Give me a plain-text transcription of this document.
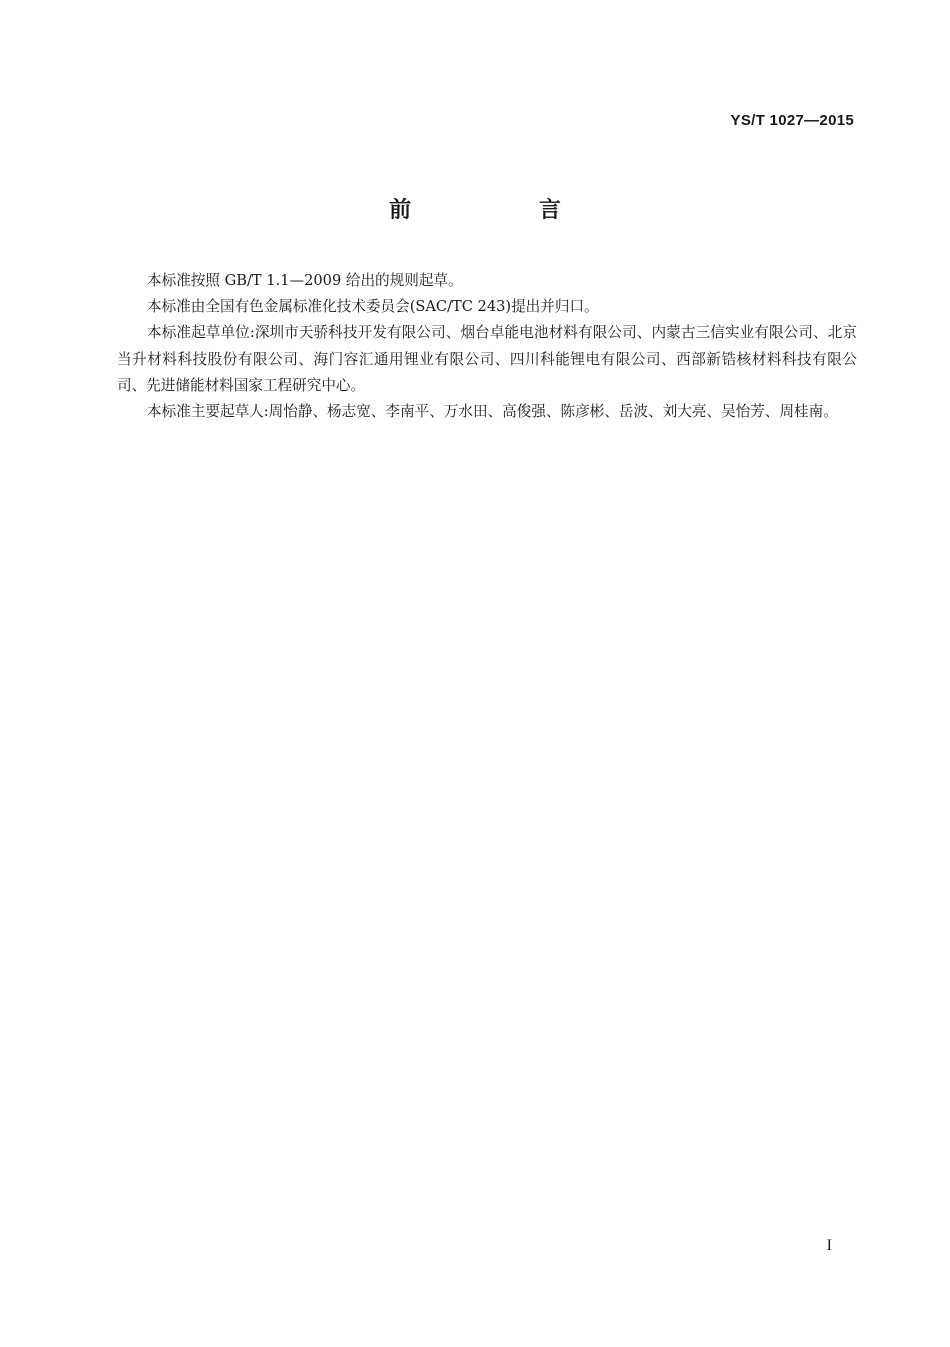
YS/T 1027—2015
前 言

本标准按照 GB/T 1.1—2009 给出的规则起草。

本标准由全国有色金属标准化技术委员会(SAC/TC 243)提出并归口。

本标准起草单位:深圳市天骄科技开发有限公司、烟台卓能电池材料有限公司、内蒙古三信实业有限公司、北京当升材料科技股份有限公司、海门容汇通用锂业有限公司、四川科能锂电有限公司、西部新锆核材料科技有限公司、先进储能材料国家工程研究中心。

本标准主要起草人:周怡静、杨志宽、李南平、万水田、高俊强、陈彦彬、岳波、刘大亮、吴怡芳、周桂南。

I
